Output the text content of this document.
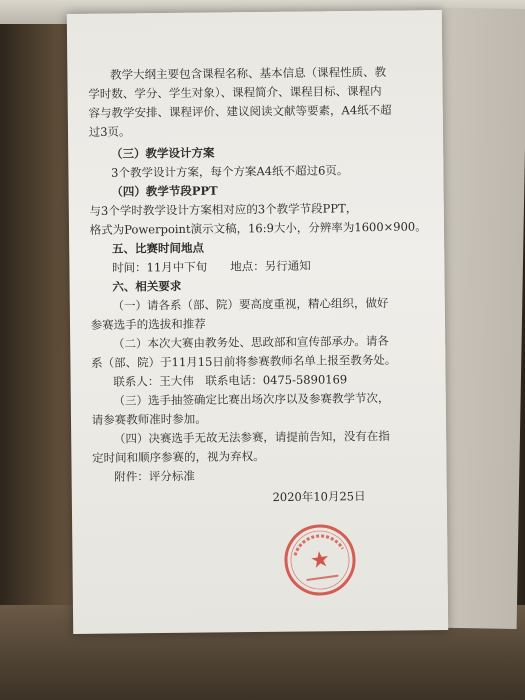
教学大纲主要包含课程名称、基本信息（课程性质、教
学时数、学分、学生对象）、课程简介、课程目标、课程内
容与教学安排、课程评价、建议阅读文献等要素，A4纸不超
过3页。
（三）教学设计方案
3个教学设计方案，每个方案A4纸不超过6页。
（四）教学节段PPT
与3个学时教学设计方案相对应的3个教学节段PPT，
格式为Powerpoint演示文稿，16:9大小，分辨率为1600×900。
五、比赛时间地点
时间：11月中下旬　　地点：另行通知
六、相关要求
（一）请各系（部、院）要高度重视，精心组织，做好
参赛选手的选拔和推荐
（二）本次大赛由教务处、思政部和宣传部承办。请各
系（部、院）于11月15日前将参赛教师名单上报至教务处。
联系人：王大伟　联系电话：0475-5890169
（三）选手抽签确定比赛出场次序以及参赛教学节次，
请参赛教师准时参加。
（四）决赛选手无故无法参赛，请提前告知，没有在指
定时间和顺序参赛的，视为弃权。
附件：评分标准
2020年10月25日
★
